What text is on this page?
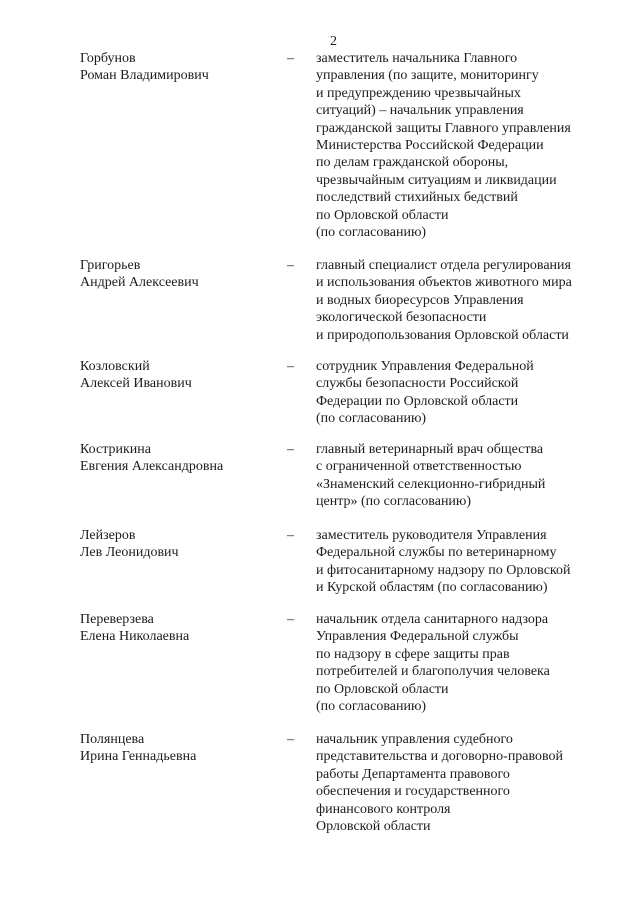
2
Горбунов
Роман Владимирович
– заместитель начальника Главного
управления (по защите, мониторингу
и предупреждению чрезвычайных
ситуаций) – начальник управления
гражданской защиты Главного управления
Министерства Российской Федерации
по делам гражданской обороны,
чрезвычайным ситуациям и ликвидации
последствий стихийных бедствий
по Орловской области
(по согласованию)
Григорьев
Андрей Алексеевич
– главный специалист отдела регулирования
и использования объектов животного мира
и водных биоресурсов Управления
экологической безопасности
и природопользования Орловской области
Козловский
Алексей Иванович
– сотрудник Управления Федеральной
службы безопасности Российской
Федерации по Орловской области
(по согласованию)
Кострикина
Евгения Александровна
– главный ветеринарный врач общества
с ограниченной ответственностью
«Знаменский селекционно-гибридный
центр» (по согласованию)
Лейзеров
Лев Леонидович
– заместитель руководителя Управления
Федеральной службы по ветеринарному
и фитосанитарному надзору по Орловской
и Курской областям (по согласованию)
Переверзева
Елена Николаевна
– начальник отдела санитарного надзора
Управления Федеральной службы
по надзору в сфере защиты прав
потребителей и благополучия человека
по Орловской области
(по согласованию)
Полянцева
Ирина Геннадьевна
– начальник управления судебного
представительства и договорно-правовой
работы Департамента правового
обеспечения и государственного
финансового контроля
Орловской области
